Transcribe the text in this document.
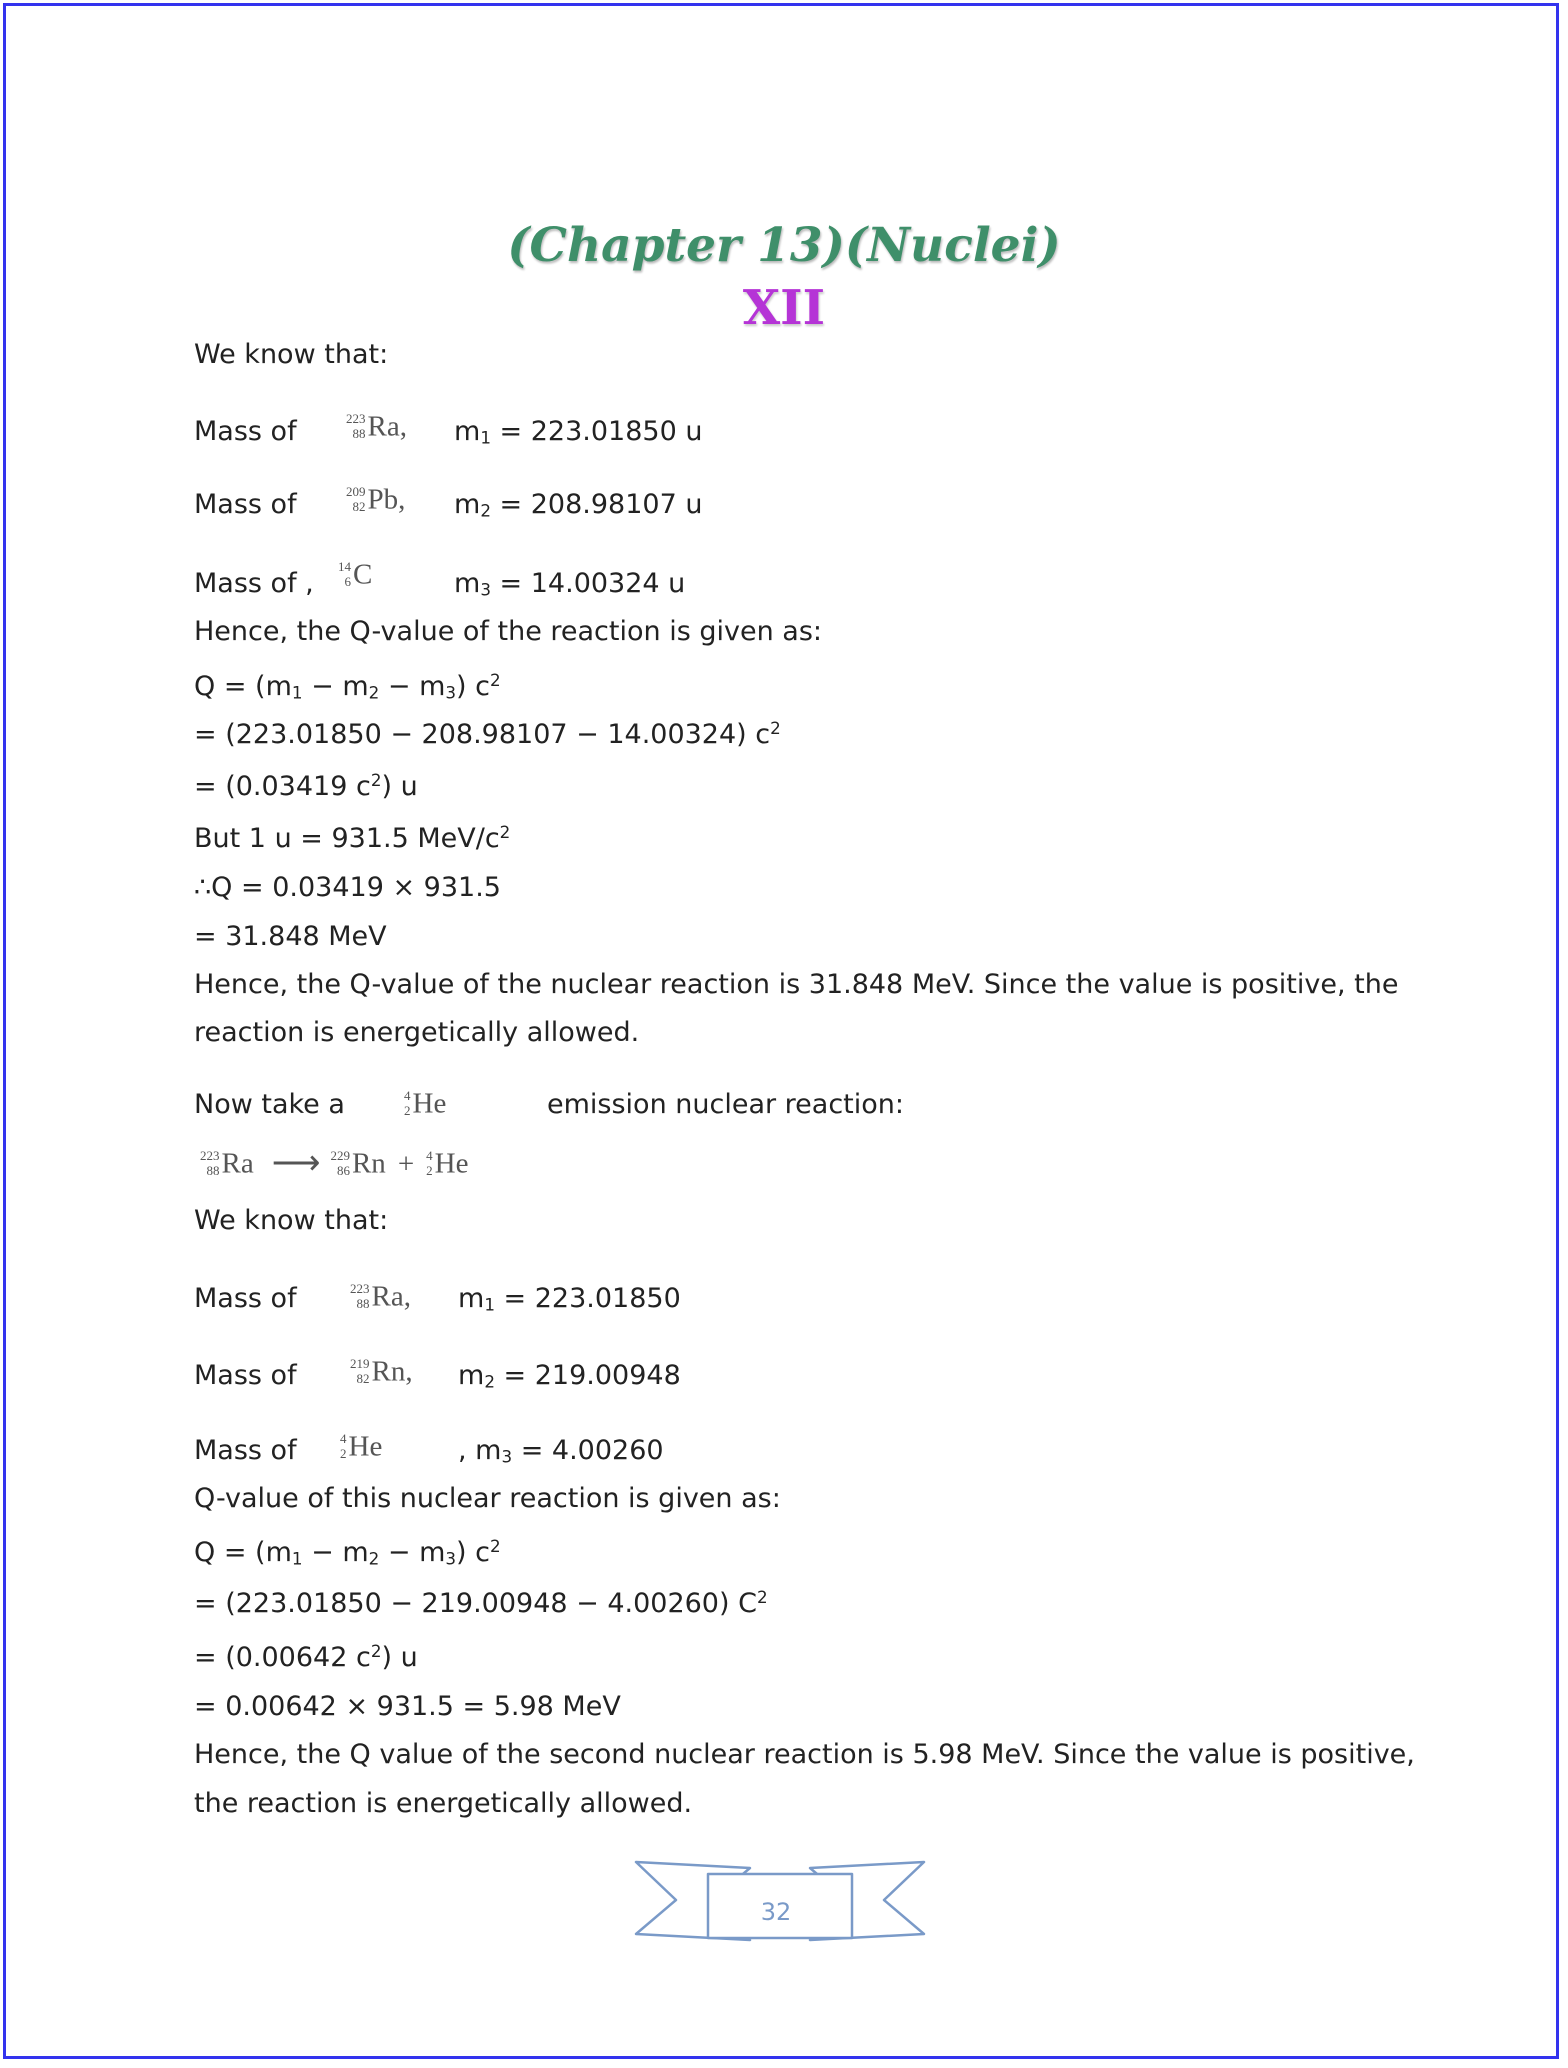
(Chapter 13)(Nuclei)
XII
We know that:
Mass of	223
88 Ra, $m_1 = 223.01850$ u
Mass of	209
82 Pb, $m_2 = 208.98107$ u
Mass of ,
14
6 C	$m_3 = 14.00324$ u
Hence, the Q-value of the reaction is given as:
$Q = (m_1 - m_2 - m_3)$ $c^2$
= (223.01850 − 208.98107 − 14.00324) $c^2$
= (0.03419 $c^2$) u
But 1 u = 931.5 MeV/$c^2$
∴Q = 0.03419 × 931.5
= 31.848 MeV
Hence, the Q-value of the nuclear reaction is 31.848 MeV. Since the value is positive, the
reaction is energetically allowed.
Now take a	4
2 He	emission nuclear reaction:
223
88 Ra ⟶ 229
86 Rn + 4
2 He
We know that:
Mass of	223
88 Ra, $m_1 = 223.01850$
Mass of	219
82 Rn, $m_2 = 219.00948$
Mass of	4
2 He	, $m_3 = 4.00260$
Q-value of this nuclear reaction is given as:
$Q = (m_1 - m_2 - m_3)$ $c^2$
= (223.01850 − 219.00948 − 4.00260) $C^2$
= (0.00642 $c^2$) u
= 0.00642 × 931.5 = 5.98 MeV
Hence, the Q value of the second nuclear reaction is 5.98 MeV. Since the value is positive,
the reaction is energetically allowed.
32
